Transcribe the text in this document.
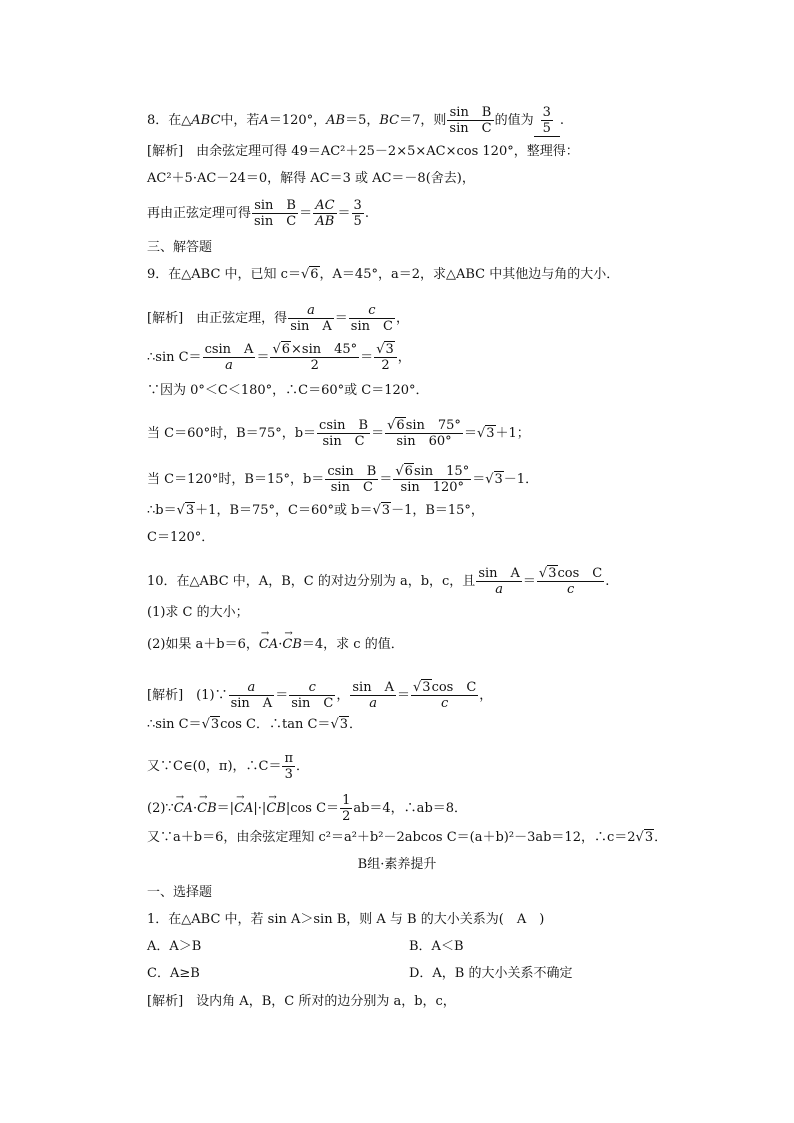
8．在△ABC中，若A＝120°，AB＝5，BC＝7，则 $\frac{\text{sin　B}}{\text{sin　C}}$ 的值为 $\frac{3}{5}$ .
[解析]　 由余弦定理可得 49＝AC²＋25－2×5×AC×cos 120°，整理得：
AC²＋5·AC－24＝0，解得 AC＝3 或 AC＝－8(舍去)，
再由正弦定理可得 $\frac{\text{sin　B}}{\text{sin　C}} = \frac{AC}{AB} = \frac{3}{5}$ .
三、解答题
9．在△ABC 中，已知 c＝√6，A＝45°，a＝2，求△ABC 中其他边与角的大小．
[解析]　 由正弦定理，得 $\frac{a}{\text{sin　A}} = \frac{c}{\text{sin　C}}$ ，
∴sin $C= \frac{\text{csin　A}}{a} = \frac{√6\times\sin 45^\circ}{2} = \frac{√3}{2}$ ，
∵因为 0°＜C＜180°，∴C＝60°或 C＝120°．
当 C＝60°时，B＝75°，$b= \frac{\text{csin　B}}{\text{sin　C}} = \frac{√6\sin 75^\circ}{\sin 60^\circ} =√3+1$；
当 C＝120°时，B＝15°，$b= \frac{\text{csin　B}}{\text{sin　C}} = \frac{√6\sin 15^\circ}{\sin 120^\circ} =√3-1$．
∴b＝√3＋1，B＝75°，C＝60°或 b＝√3－1，B＝15°，
C＝120°．
10．在△ABC 中，A，B，C 的对边分别为 a，b，c，且 $\frac{\text{sin　A}}{a} = \frac{\text{√3cos　C}}{c}$ .
(1)求 C 的大小；
(2)如果 a＋b＝6，→ CA·→ CB＝4，求 c 的值．
[解析]　 (1)∵ $\frac{a}{\text{sin　A}} = \frac{c}{\text{sin　C}}$ ， $\frac{\text{sin　A}}{a} = \frac{\text{√3cos　C}}{c}$ ，
∴sin C＝√3cos C．∴tan C＝√3．
又∵C∈(0，π)，∴C＝ $\frac{\pi}{3}$ ．
(2)∵→ CA·→ CB＝|→ CA|·|→ CB|cos $C= \frac{1}{2} ab=4$，∴ab＝8．
又∵a＋b＝6，由余弦定理知 c²＝a²＋b²－2abcos C＝(a＋b)²－3ab＝12，∴c＝2√3．
B组·素养提升
一、选择题
1．在△ABC 中，若 sin A＞sin B，则 A 与 B 的大小关系为(　A　)
A．A＞B	B．A＜B
C．A≥B	D．A，B 的大小关系不确定
[解析]　 设内角 A，B，C 所对的边分别为 a，b，c，
